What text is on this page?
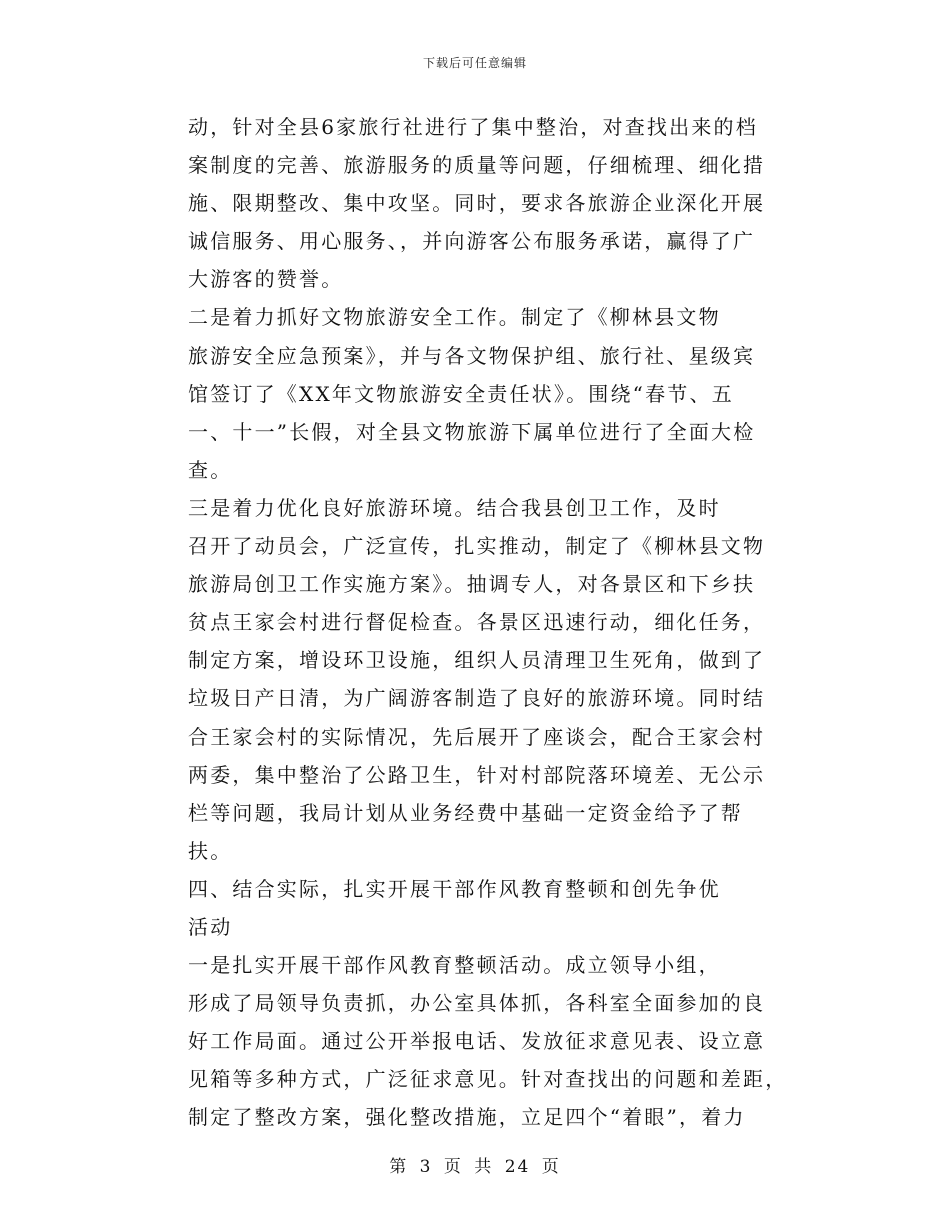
下载后可任意编辑
动，针对全县6家旅行社进行了集中整治，对查找出来的档
案制度的完善、旅游服务的质量等问题，仔细梳理、细化措
施、限期整改、集中攻坚。同时，要求各旅游企业深化开展
诚信服务、用心服务、，并向游客公布服务承诺，赢得了广
大游客的赞誉。
二是着力抓好文物旅游安全工作。制定了《柳林县文物
旅游安全应急预案》，并与各文物保护组、旅行社、星级宾
馆签订了《XX年文物旅游安全责任状》。围绕“春节、五
一、十一”长假，对全县文物旅游下属单位进行了全面大检
查。
三是着力优化良好旅游环境。结合我县创卫工作，及时
召开了动员会，广泛宣传，扎实推动，制定了《柳林县文物
旅游局创卫工作实施方案》。抽调专人，对各景区和下乡扶
贫点王家会村进行督促检查。各景区迅速行动，细化任务，
制定方案，增设环卫设施，组织人员清理卫生死角，做到了
垃圾日产日清，为广阔游客制造了良好的旅游环境。同时结
合王家会村的实际情况，先后展开了座谈会，配合王家会村
两委，集中整治了公路卫生，针对村部院落环境差、无公示
栏等问题，我局计划从业务经费中基础一定资金给予了帮
扶。
四、结合实际，扎实开展干部作风教育整顿和创先争优
活动
一是扎实开展干部作风教育整顿活动。成立领导小组，
形成了局领导负责抓，办公室具体抓，各科室全面参加的良
好工作局面。通过公开举报电话、发放征求意见表、设立意
见箱等多种方式，广泛征求意见。针对查找出的问题和差距，
制定了整改方案，强化整改措施，立足四个“着眼”，着力
第 3 页 共 24 页
